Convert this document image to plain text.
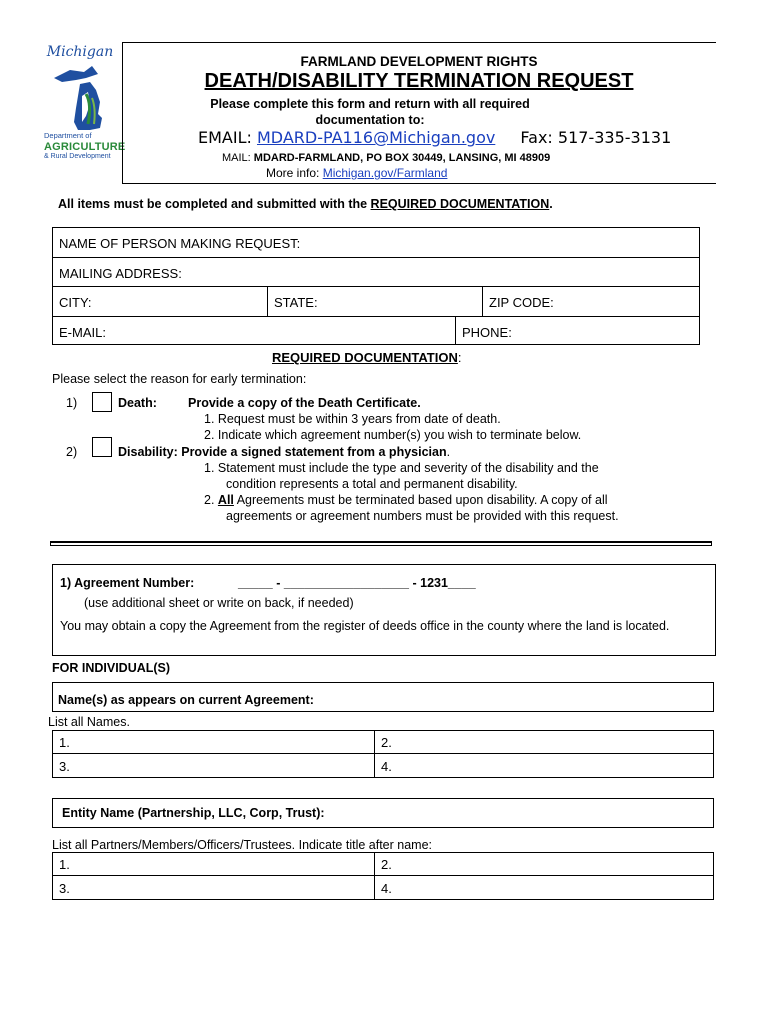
Michigan
Department of
AGRICULTURE
& Rural Development
FARMLAND DEVELOPMENT RIGHTS
DEATH/DISABILITY TERMINATION REQUEST
Please complete this form and return with all required documentation to:
EMAIL: MDARD-PA116@Michigan.gov Fax: 517-335-3131
MAIL: MDARD-FARMLAND, PO BOX 30449, LANSING, MI 48909
More info: Michigan.gov/Farmland
All items must be completed and submitted with the REQUIRED DOCUMENTATION.
NAME OF PERSON MAKING REQUEST:
MAILING ADDRESS:
CITY:	STATE:	ZIP CODE:
E-MAIL:	PHONE:
REQUIRED DOCUMENTATION:
Please select the reason for early termination:
1)	Death: Provide a copy of the Death Certificate.
1. Request must be within 3 years from date of death.
2. Indicate which agreement number(s) you wish to terminate below.
2)	Disability: Provide a signed statement from a physician.
1. Statement must include the type and severity of the disability and the
condition represents a total and permanent disability.
2. All Agreements must be terminated based upon disability. A copy of all
agreements or agreement numbers must be provided with this request.
1) Agreement Number:	_____ - __________________ - 1231____
(use additional sheet or write on back, if needed)
You may obtain a copy the Agreement from the register of deeds office in the county where the land is located.
FOR INDIVIDUAL(S)
Name(s) as appears on current Agreement:
List all Names.
1.	2.
3.	4.
Entity Name (Partnership, LLC, Corp, Trust):
List all Partners/Members/Officers/Trustees. Indicate title after name:
1.	2.
3.	4.
